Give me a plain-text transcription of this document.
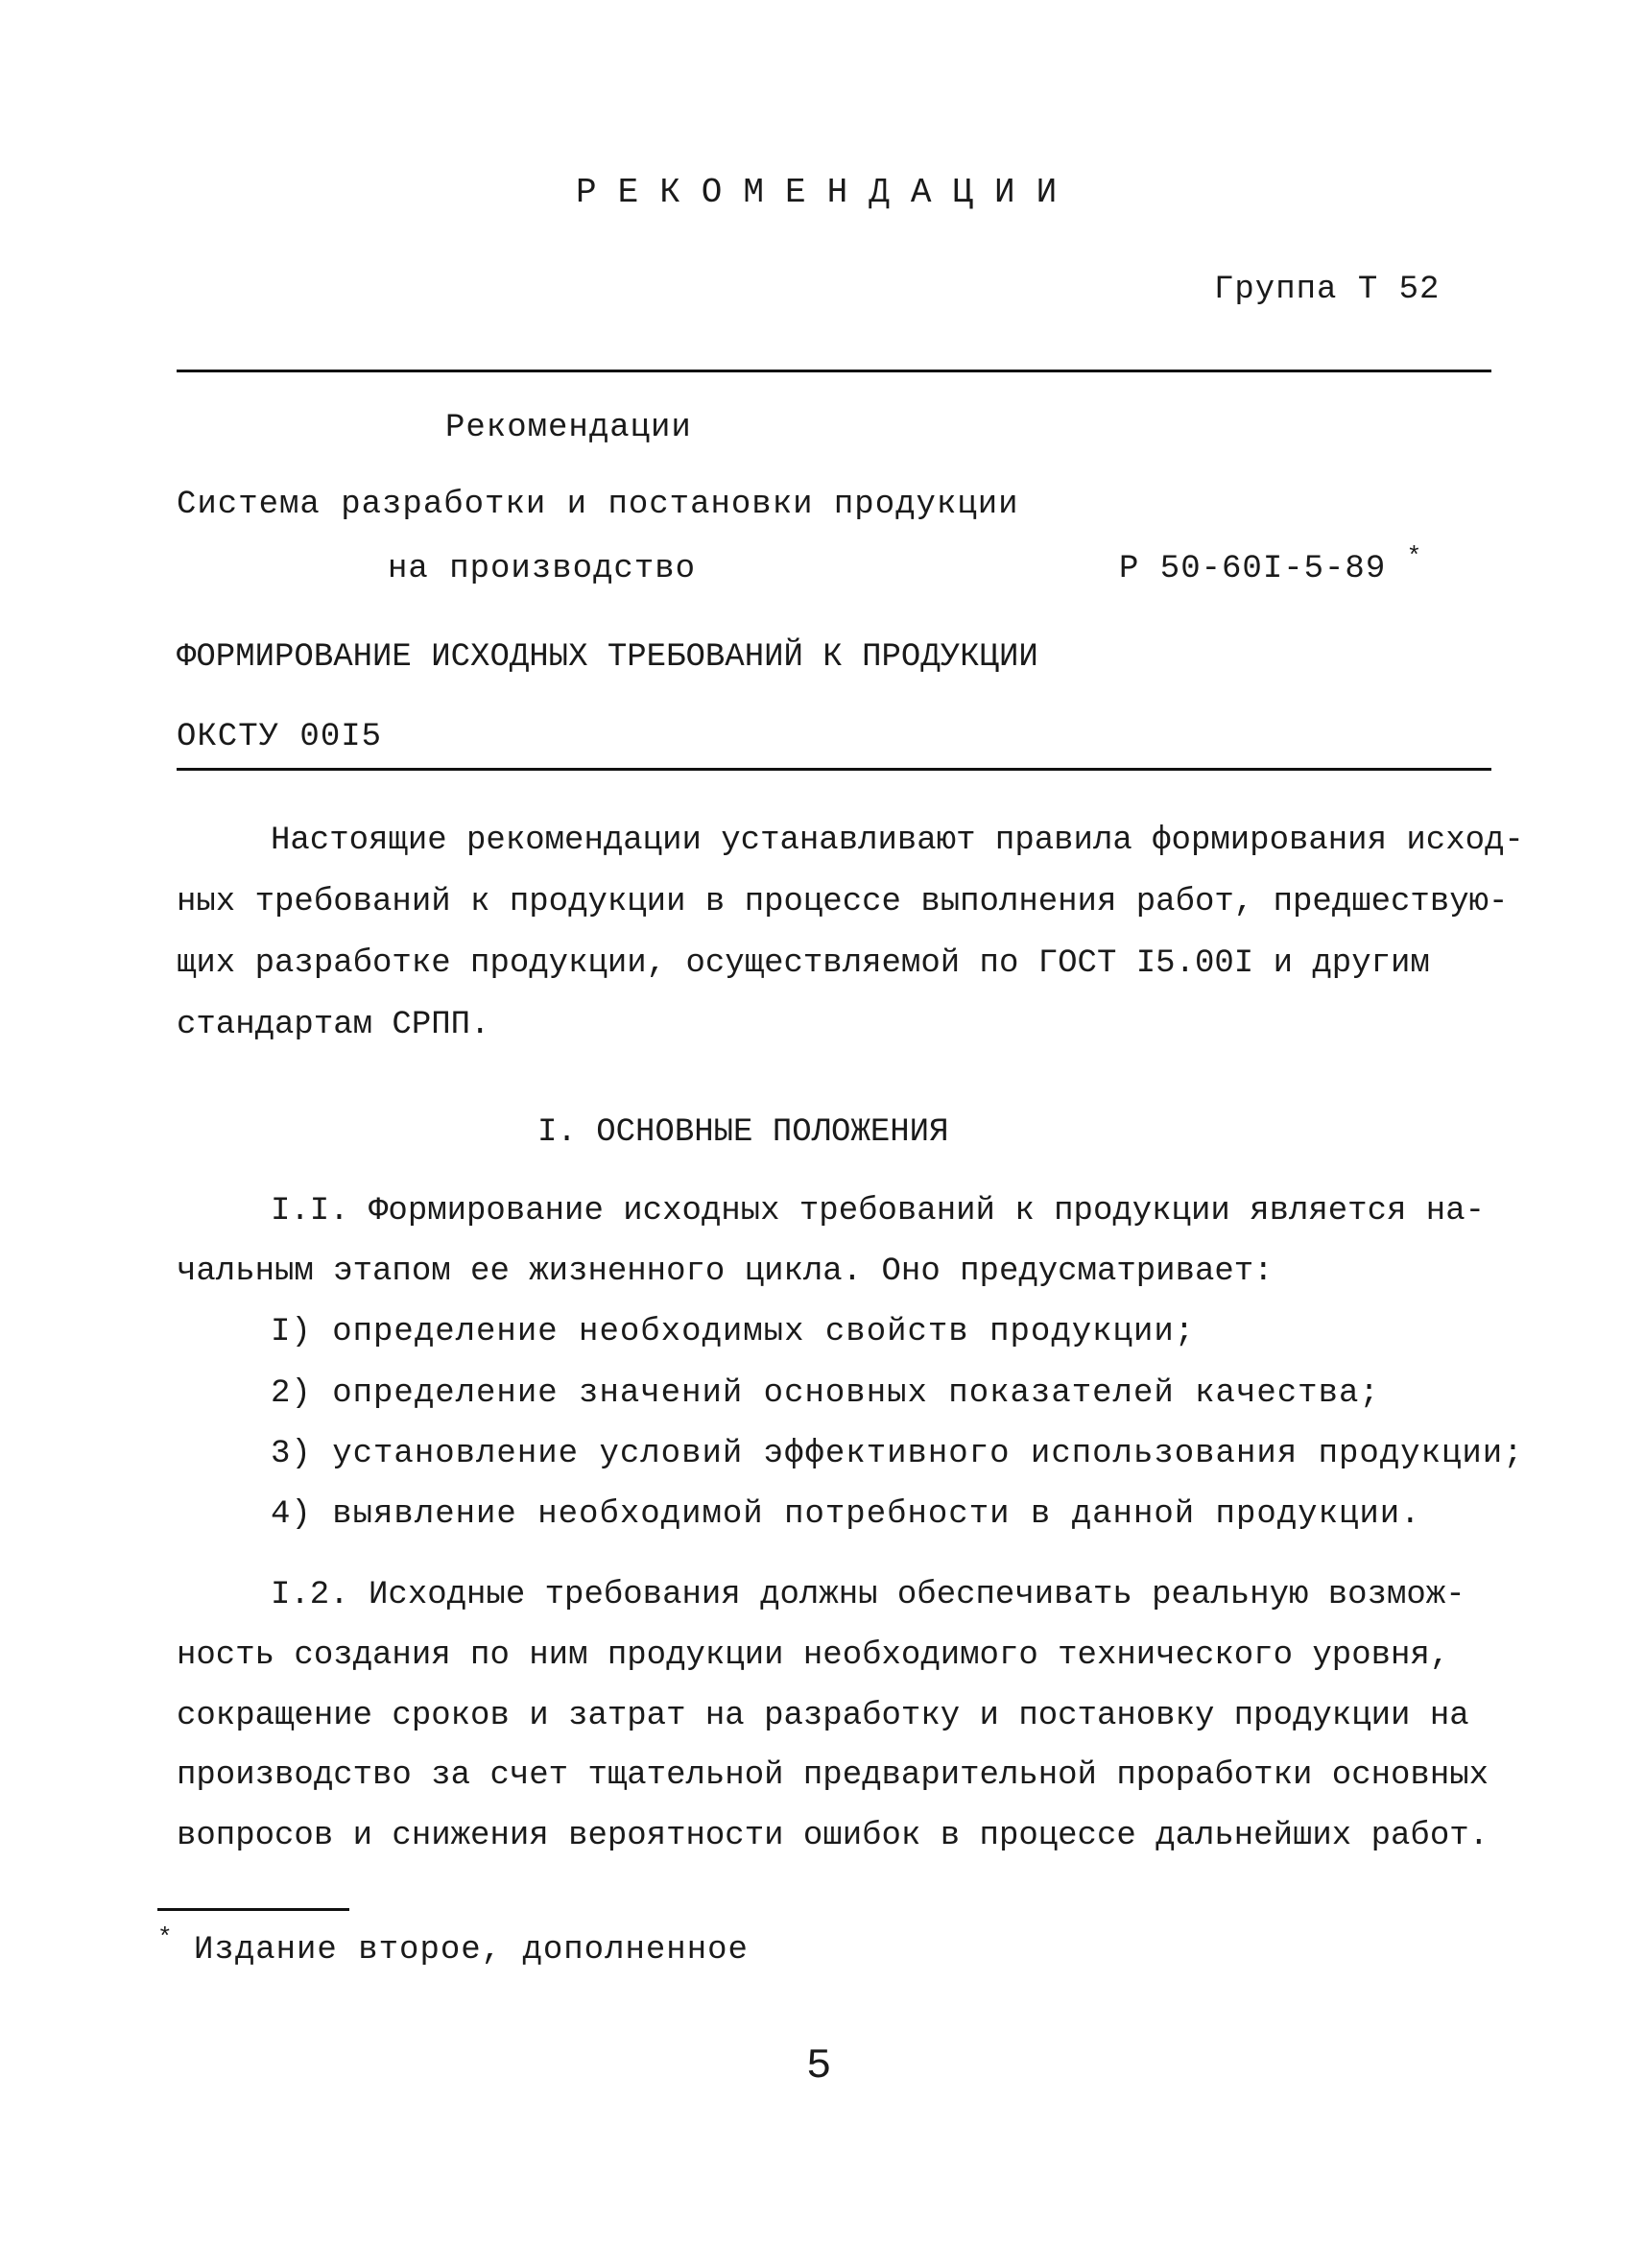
РЕКОМЕНДАЦИИ
Группа Т 52
Рекомендации
Система разработки и постановки продукции
на производство	Р 50-60I-5-89 *
ФОРМИРОВАНИЕ ИСХОДНЫХ ТРЕБОВАНИЙ К ПРОДУКЦИИ
ОКСТУ 00I5
Настоящие рекомендации устанавливают правила формирования исход-
ных требований к продукции в процессе выполнения работ, предшествую-
щих разработке продукции, осуществляемой по ГОСТ I5.00I и другим
стандартам СРПП.
I. ОСНОВНЫЕ ПОЛОЖЕНИЯ
I.I. Формирование исходных требований к продукции является на-
чальным этапом ее жизненного цикла. Оно предусматривает:
I) определение необходимых свойств продукции;
2) определение значений основных показателей качества;
3) установление условий эффективного использования продукции;
4) выявление необходимой потребности в данной продукции.
I.2. Исходные требования должны обеспечивать реальную возмож-
ность создания по ним продукции необходимого технического уровня,
сокращение сроков и затрат на разработку и постановку продукции на
производство за счет тщательной предварительной проработки основных
вопросов и снижения вероятности ошибок в процессе дальнейших работ.
* Издание второе, дополненное
5
